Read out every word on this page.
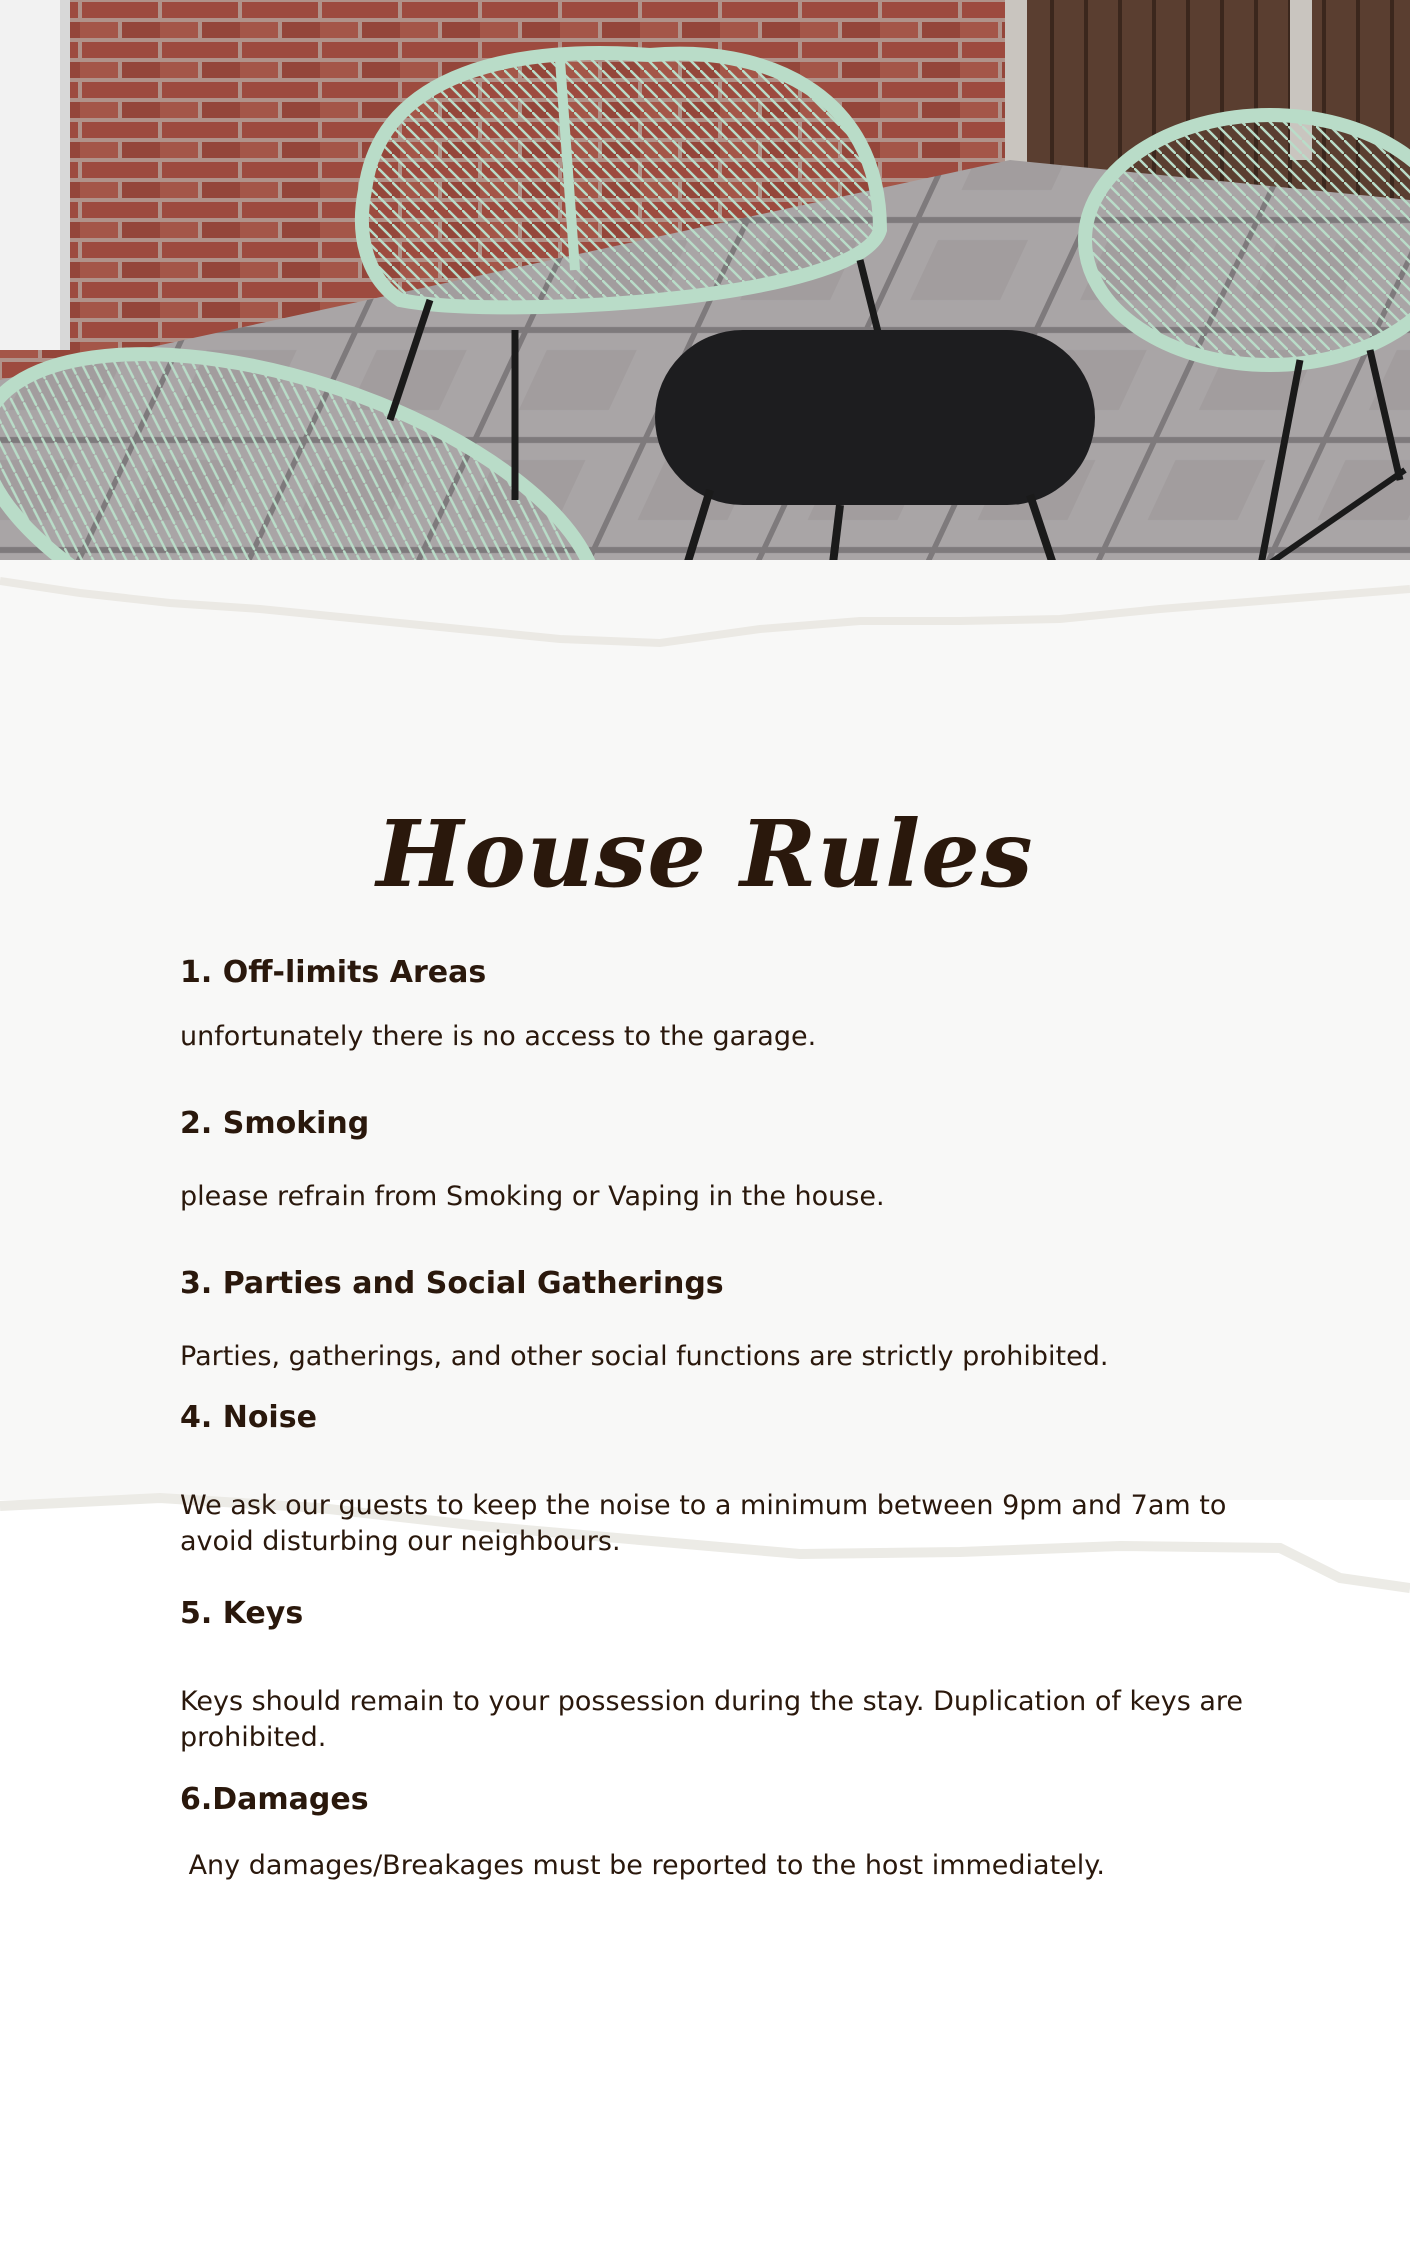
House Rules
1. Off-limits Areas

unfortunately there is no access to the garage.

2. Smoking

please refrain from Smoking or Vaping in the house.

3. Parties and Social Gatherings

Parties, gatherings, and other social functions are strictly prohibited.

4. Noise

We ask our guests to keep the noise to a minimum between 9pm and 7am to avoid disturbing our neighbours.

5. Keys

Keys should remain to your possession during the stay. Duplication of keys are prohibited.

6.Damages

Any damages/Breakages must be reported to the host immediately.
